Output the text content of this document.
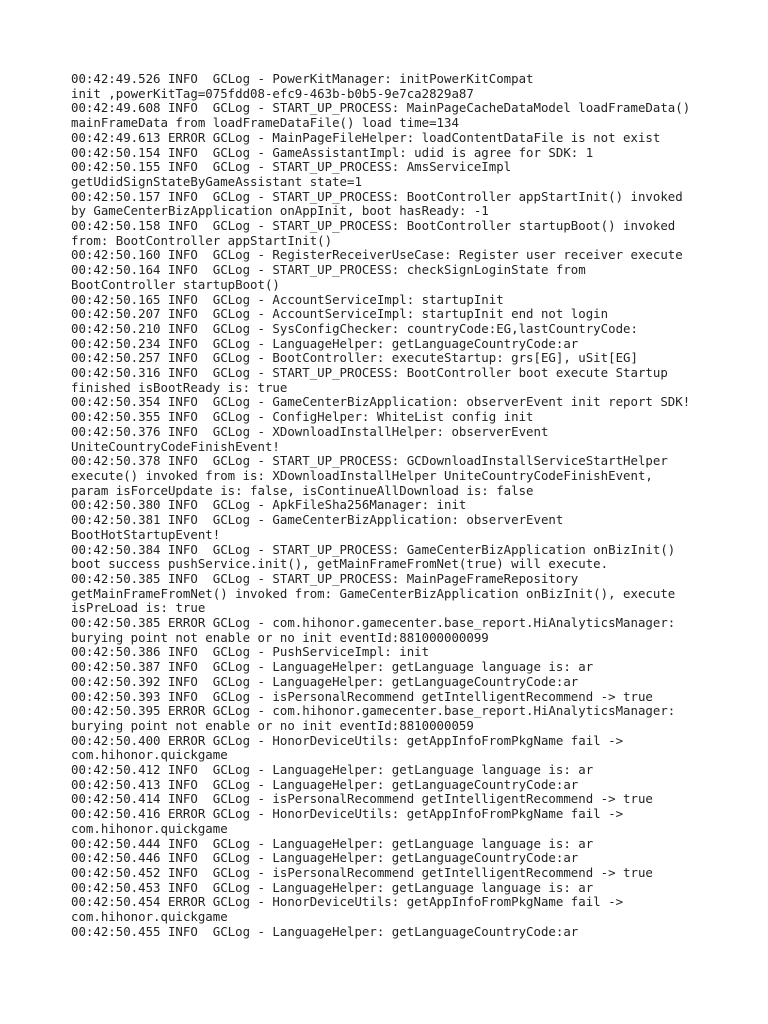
00:42:49.526 INFO  GCLog - PowerKitManager: initPowerKitCompat
init ,powerKitTag=075fdd08-efc9-463b-b0b5-9e7ca2829a87
00:42:49.608 INFO  GCLog - START_UP_PROCESS: MainPageCacheDataModel loadFrameData()
mainFrameData from loadFrameDataFile() load time=134
00:42:49.613 ERROR GCLog - MainPageFileHelper: loadContentDataFile is not exist
00:42:50.154 INFO  GCLog - GameAssistantImpl: udid is agree for SDK: 1
00:42:50.155 INFO  GCLog - START_UP_PROCESS: AmsServiceImpl
getUdidSignStateByGameAssistant state=1
00:42:50.157 INFO  GCLog - START_UP_PROCESS: BootController appStartInit() invoked
by GameCenterBizApplication onAppInit, boot hasReady: -1
00:42:50.158 INFO  GCLog - START_UP_PROCESS: BootController startupBoot() invoked
from: BootController appStartInit()
00:42:50.160 INFO  GCLog - RegisterReceiverUseCase: Register user receiver execute
00:42:50.164 INFO  GCLog - START_UP_PROCESS: checkSignLoginState from
BootController startupBoot()
00:42:50.165 INFO  GCLog - AccountServiceImpl: startupInit
00:42:50.207 INFO  GCLog - AccountServiceImpl: startupInit end not login
00:42:50.210 INFO  GCLog - SysConfigChecker: countryCode:EG,lastCountryCode:
00:42:50.234 INFO  GCLog - LanguageHelper: getLanguageCountryCode:ar
00:42:50.257 INFO  GCLog - BootController: executeStartup: grs[EG], uSit[EG]
00:42:50.316 INFO  GCLog - START_UP_PROCESS: BootController boot execute Startup
finished isBootReady is: true
00:42:50.354 INFO  GCLog - GameCenterBizApplication: observerEvent init report SDK!
00:42:50.355 INFO  GCLog - ConfigHelper: WhiteList config init
00:42:50.376 INFO  GCLog - XDownloadInstallHelper: observerEvent
UniteCountryCodeFinishEvent!
00:42:50.378 INFO  GCLog - START_UP_PROCESS: GCDownloadInstallServiceStartHelper
execute() invoked from is: XDownloadInstallHelper UniteCountryCodeFinishEvent,
param isForceUpdate is: false, isContinueAllDownload is: false
00:42:50.380 INFO  GCLog - ApkFileSha256Manager: init
00:42:50.381 INFO  GCLog - GameCenterBizApplication: observerEvent
BootHotStartupEvent!
00:42:50.384 INFO  GCLog - START_UP_PROCESS: GameCenterBizApplication onBizInit()
boot success pushService.init(), getMainFrameFromNet(true) will execute.
00:42:50.385 INFO  GCLog - START_UP_PROCESS: MainPageFrameRepository
getMainFrameFromNet() invoked from: GameCenterBizApplication onBizInit(), execute
isPreLoad is: true
00:42:50.385 ERROR GCLog - com.hihonor.gamecenter.base_report.HiAnalyticsManager:
burying point not enable or no init eventId:881000000099
00:42:50.386 INFO  GCLog - PushServiceImpl: init
00:42:50.387 INFO  GCLog - LanguageHelper: getLanguage language is: ar
00:42:50.392 INFO  GCLog - LanguageHelper: getLanguageCountryCode:ar
00:42:50.393 INFO  GCLog - isPersonalRecommend getIntelligentRecommend -> true
00:42:50.395 ERROR GCLog - com.hihonor.gamecenter.base_report.HiAnalyticsManager:
burying point not enable or no init eventId:8810000059
00:42:50.400 ERROR GCLog - HonorDeviceUtils: getAppInfoFromPkgName fail ->
com.hihonor.quickgame
00:42:50.412 INFO  GCLog - LanguageHelper: getLanguage language is: ar
00:42:50.413 INFO  GCLog - LanguageHelper: getLanguageCountryCode:ar
00:42:50.414 INFO  GCLog - isPersonalRecommend getIntelligentRecommend -> true
00:42:50.416 ERROR GCLog - HonorDeviceUtils: getAppInfoFromPkgName fail ->
com.hihonor.quickgame
00:42:50.444 INFO  GCLog - LanguageHelper: getLanguage language is: ar
00:42:50.446 INFO  GCLog - LanguageHelper: getLanguageCountryCode:ar
00:42:50.452 INFO  GCLog - isPersonalRecommend getIntelligentRecommend -> true
00:42:50.453 INFO  GCLog - LanguageHelper: getLanguage language is: ar
00:42:50.454 ERROR GCLog - HonorDeviceUtils: getAppInfoFromPkgName fail ->
com.hihonor.quickgame
00:42:50.455 INFO  GCLog - LanguageHelper: getLanguageCountryCode:ar
